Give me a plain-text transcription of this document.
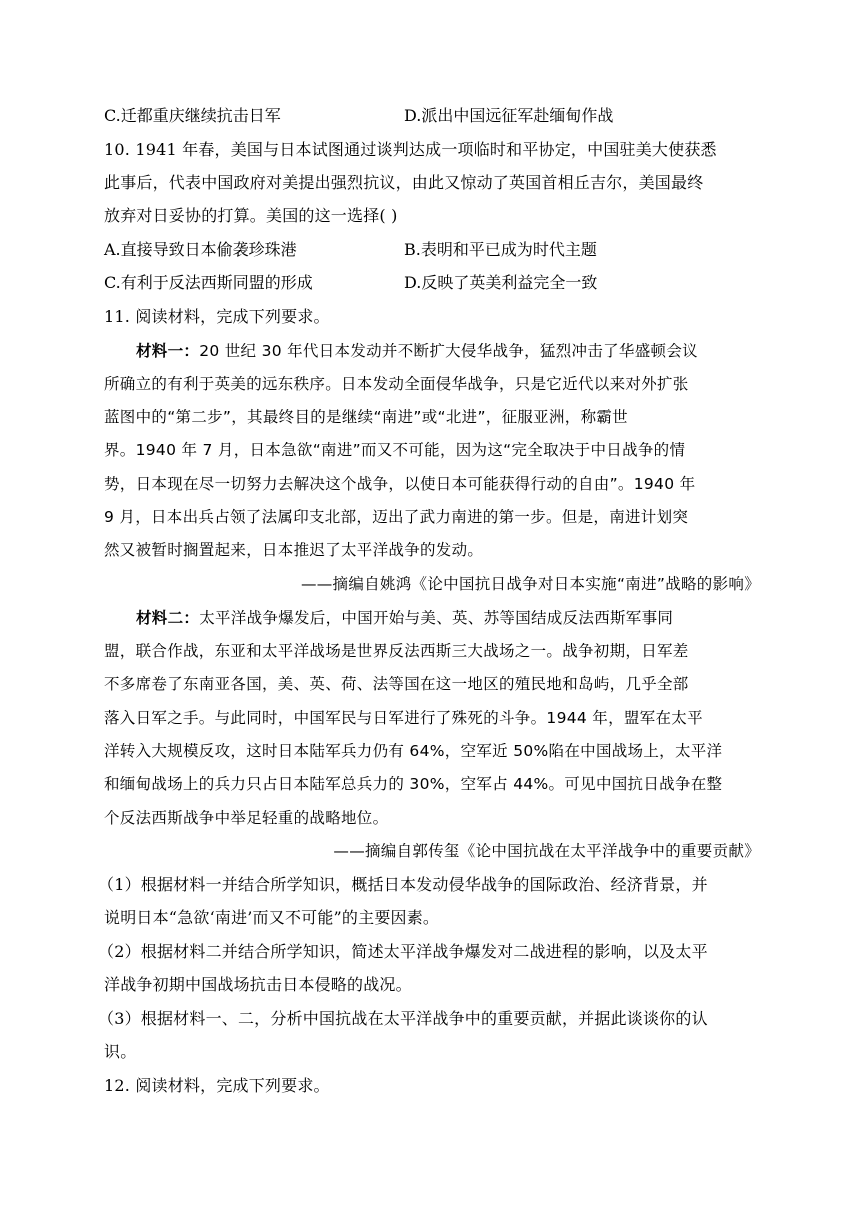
C.迁都重庆继续抗击日军	D.派出中国远征军赴缅甸作战
10. 1941 年春，美国与日本试图通过谈判达成一项临时和平协定，中国驻美大使获悉
此事后，代表中国政府对美提出强烈抗议，由此又惊动了英国首相丘吉尔，美国最终
放弃对日妥协的打算。美国的这一选择( )
A.直接导致日本偷袭珍珠港	B.表明和平已成为时代主题
C.有利于反法西斯同盟的形成	D.反映了英美利益完全一致
11. 阅读材料，完成下列要求。
材料一：20 世纪 30 年代日本发动并不断扩大侵华战争，猛烈冲击了华盛顿会议
所确立的有利于英美的远东秩序。日本发动全面侵华战争，只是它近代以来对外扩张
蓝图中的“第二步”，其最终目的是继续“南进”或“北进”，征服亚洲，称霸世
界。1940 年 7 月，日本急欲“南进”而又不可能，因为这“完全取决于中日战争的情
势，日本现在尽一切努力去解决这个战争，以使日本可能获得行动的自由”。1940 年
9 月，日本出兵占领了法属印支北部，迈出了武力南进的第一步。但是，南进计划突
然又被暂时搁置起来，日本推迟了太平洋战争的发动。
——摘编自姚鸿《论中国抗日战争对日本实施“南进”战略的影响》
材料二：太平洋战争爆发后，中国开始与美、英、苏等国结成反法西斯军事同
盟，联合作战，东亚和太平洋战场是世界反法西斯三大战场之一。战争初期，日军差
不多席卷了东南亚各国，美、英、荷、法等国在这一地区的殖民地和岛屿，几乎全部
落入日军之手。与此同时，中国军民与日军进行了殊死的斗争。1944 年，盟军在太平
洋转入大规模反攻，这时日本陆军兵力仍有 64%，空军近 50%陷在中国战场上，太平洋
和缅甸战场上的兵力只占日本陆军总兵力的 30%，空军占 44%。可见中国抗日战争在整
个反法西斯战争中举足轻重的战略地位。
——摘编自郭传玺《论中国抗战在太平洋战争中的重要贡献》
（1）根据材料一并结合所学知识，概括日本发动侵华战争的国际政治、经济背景，并
说明日本“急欲‘南进’而又不可能”的主要因素。
（2）根据材料二并结合所学知识，简述太平洋战争爆发对二战进程的影响，以及太平
洋战争初期中国战场抗击日本侵略的战况。
（3）根据材料一、二，分析中国抗战在太平洋战争中的重要贡献，并据此谈谈你的认
识。
12. 阅读材料，完成下列要求。
